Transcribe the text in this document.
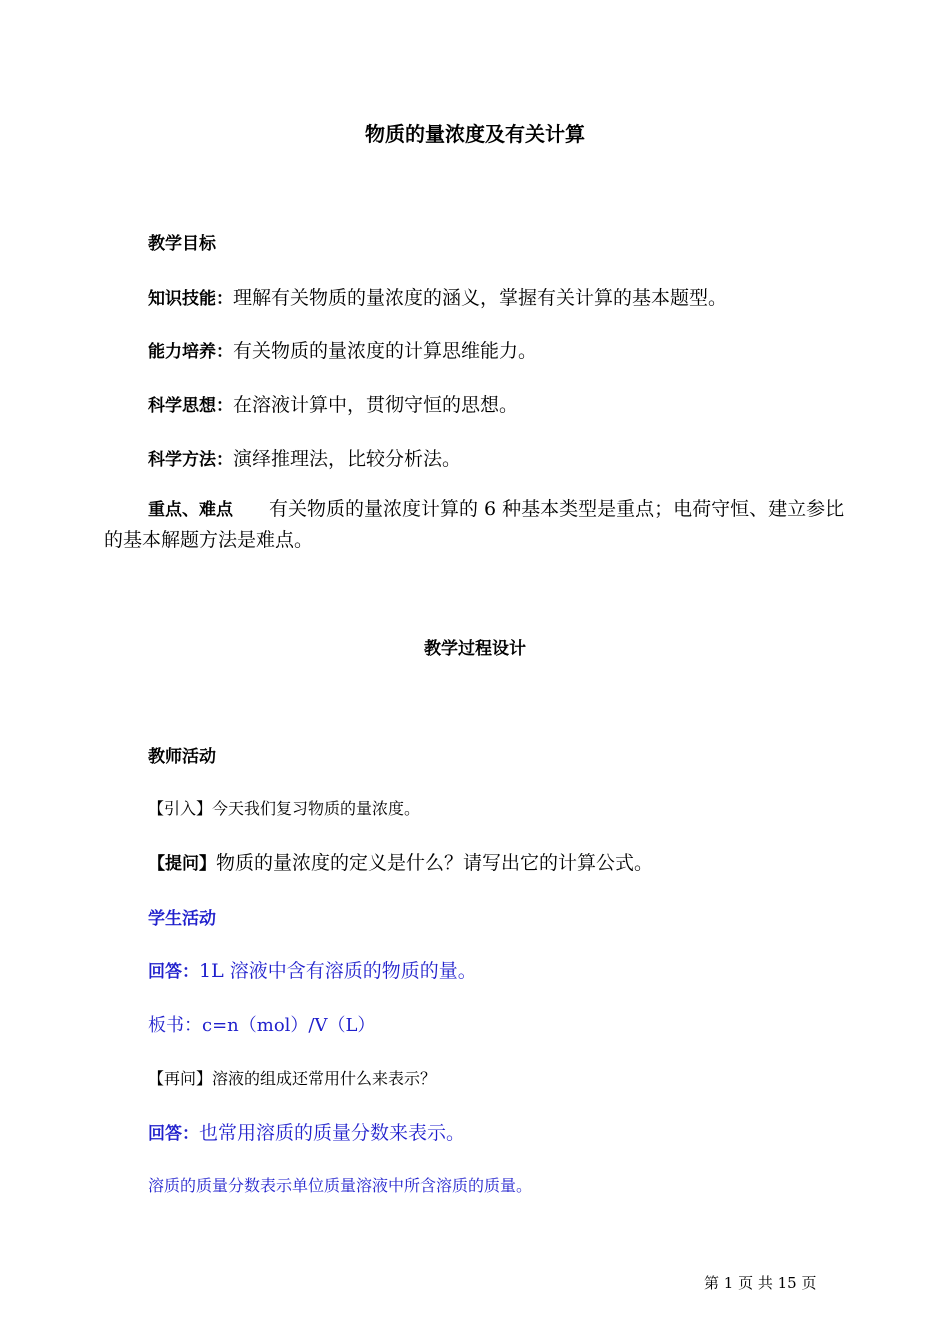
物质的量浓度及有关计算
教学目标
知识技能：理解有关物质的量浓度的涵义，掌握有关计算的基本题型。
能力培养：有关物质的量浓度的计算思维能力。
科学思想：在溶液计算中，贯彻守恒的思想。
科学方法：演绎推理法，比较分析法。
重点、难点 有关物质的量浓度计算的 6 种基本类型是重点；电荷守恒、建立参比的基本解题方法是难点。
教学过程设计
教师活动
【引入】今天我们复习物质的量浓度。
【提问】物质的量浓度的定义是什么？请写出它的计算公式。
学生活动
回答：1L 溶液中含有溶质的物质的量。
板书：c=n（mol）/V（L）
【再问】溶液的组成还常用什么来表示？
回答：也常用溶质的质量分数来表示。
溶质的质量分数表示单位质量溶液中所含溶质的质量。
第 1 页 共 15 页
